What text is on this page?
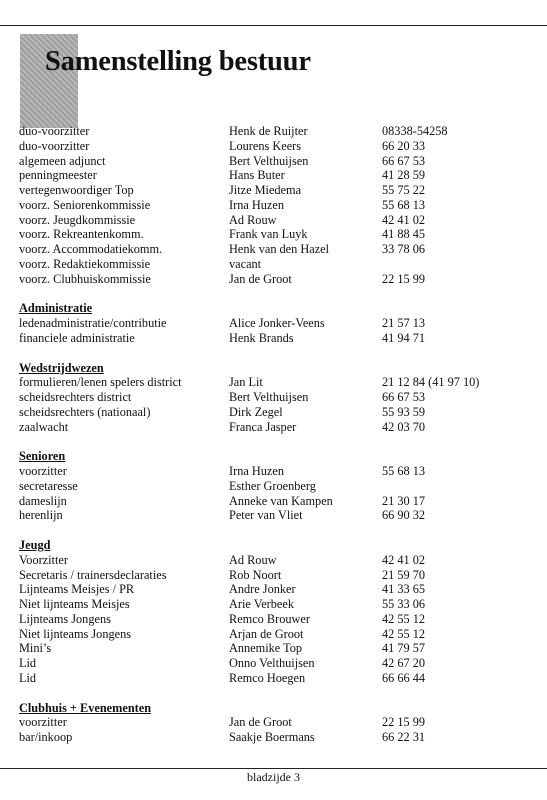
Samenstelling bestuur
duo-voorzitter	Henk de Ruijter	08338-54258
duo-voorzitter	Lourens Keers	66 20 33
algemeen adjunct	Bert Velthuijsen	66 67 53
penningmeester	Hans Buter	41 28 59
vertegenwoordiger Top	Jitze Miedema	55 75 22
voorz. Seniorenkommissie	Irna Huzen	55 68 13
voorz. Jeugdkommissie	Ad Rouw	42 41 02
voorz. Rekreantenkomm.	Frank van Luyk	41 88 45
voorz. Accommodatiekomm.	Henk van den Hazel	33 78 06
voorz. Redaktiekommissie	vacant
voorz. Clubhuiskommissie	Jan de Groot	22 15 99
Administratie
ledenadministratie/contributie	Alice Jonker-Veens	21 57 13
financiele administratie	Henk Brands	41 94 71
Wedstrijdwezen
formulieren/lenen spelers district	Jan Lit	21 12 84 (41 97 10)
scheidsrechters district	Bert Velthuijsen	66 67 53
scheidsrechters (nationaal)	Dirk Zegel	55 93 59
zaalwacht	Franca Jasper	42 03 70
Senioren
voorzitter	Irna Huzen	55 68 13
secretaresse	Esther Groenberg
dameslijn	Anneke van Kampen	21 30 17
herenlijn	Peter van Vliet	66 90 32
Jeugd
Voorzitter	Ad Rouw	42 41 02
Secretaris / trainersdeclaraties	Rob Noort	21 59 70
Lijnteams Meisjes / PR	Andre Jonker	41 33 65
Niet lijnteams Meisjes	Arie Verbeek	55 33 06
Lijnteams Jongens	Remco Brouwer	42 55 12
Niet lijnteams Jongens	Arjan de Groot	42 55 12
Mini’s	Annemike Top	41 79 57
Lid	Onno Velthuijsen	42 67 20
Lid	Remco Hoegen	66 66 44
Clubhuis + Evenementen
voorzitter	Jan de Groot	22 15 99
bar/inkoop	Saakje Boermans	66 22 31
bladzijde 3
